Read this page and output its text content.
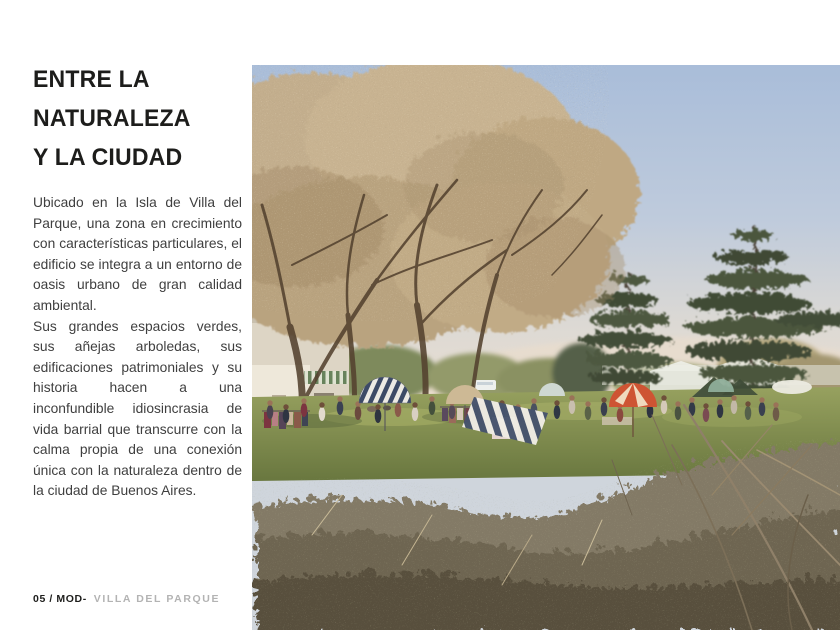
ENTRE LA
NATURALEZA
Y LA CIUDAD

Ubicado en la Isla de Villa del Parque, una zona en crecimiento con características particulares, el edificio se integra a un entorno de oasis urbano de gran calidad ambiental.

Sus grandes espacios verdes, sus añejas arboledas, sus edificaciones patrimoniales y su historia hacen a una inconfundible idiosincrasia de vida barrial que transcurre con la calma propia de una conexión única con la naturaleza dentro de la ciudad de Buenos Aires.

05 / MOD- VILLA DEL PARQUE
